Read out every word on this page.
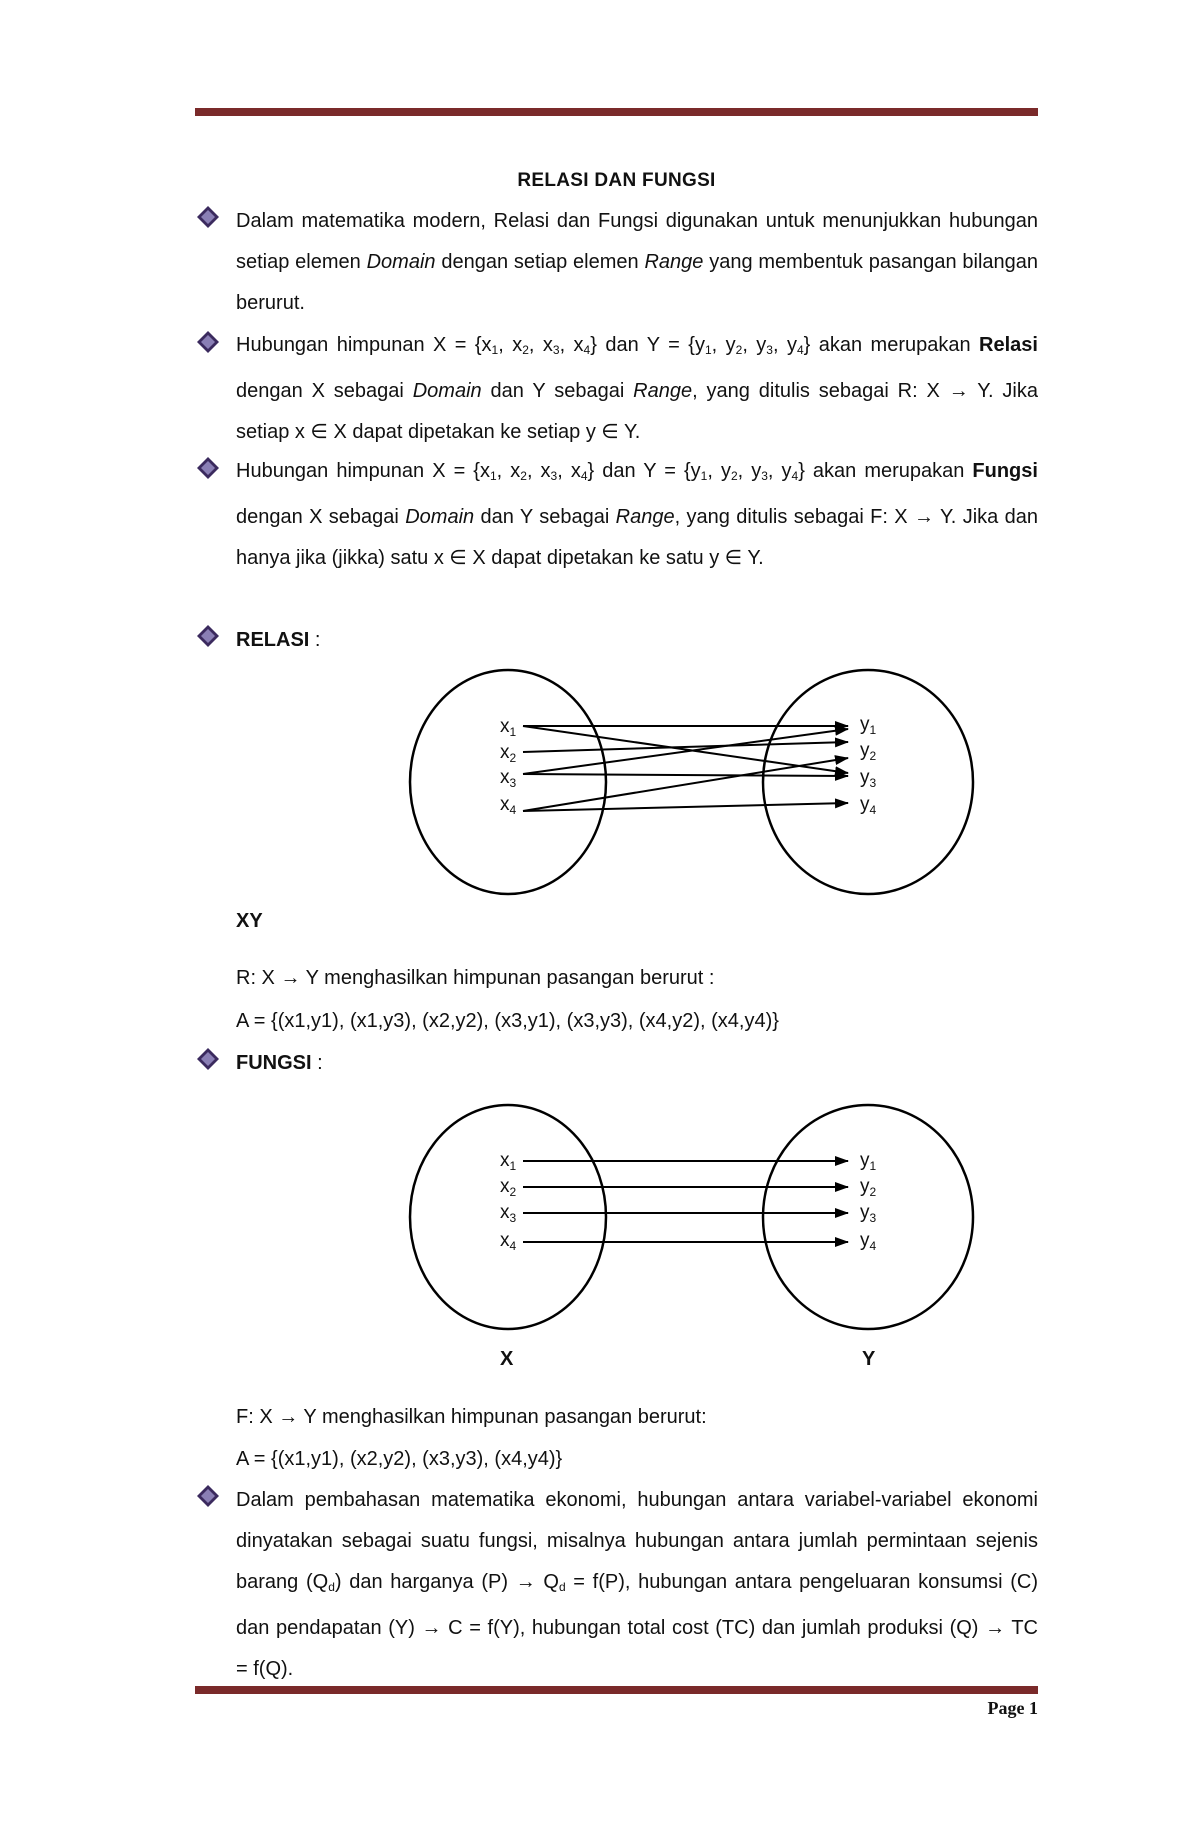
RELASI DAN FUNGSI
Dalam matematika modern, Relasi dan Fungsi digunakan untuk menunjukkan hubungan setiap elemen Domain dengan setiap elemen Range yang membentuk pasangan bilangan berurut.
Hubungan himpunan $X = \{x_1$, $x_2$, $x_3$, $x_4$} dan $Y = \{y_1$, $y_2$, $y_3$, $y_4$} akan merupakan Relasi dengan X sebagai Domain dan Y sebagai Range, yang ditulis sebagai R: X → Y. Jika setiap x ∈ X dapat dipetakan ke setiap y ∈ Y.
Hubungan himpunan $X = \{x_1$, $x_2$, $x_3$, $x_4$} dan $Y = \{y_1$, $y_2$, $y_3$, $y_4$} akan merupakan Fungsi dengan X sebagai Domain dan Y sebagai Range, yang ditulis sebagai F: X → Y. Jika dan hanya jika (jikka) satu x ∈ X dapat dipetakan ke satu y ∈ Y.
RELASI :
$x_1$
$x_2$
$x_3$
$x_4$
$y_1$
$y_2$
$y_3$
$y_4$
XY
R: X → Y menghasilkan himpunan pasangan berurut :
A = {(x1,y1), (x1,y3), (x2,y2), (x3,y1), (x3,y3), (x4,y2), (x4,y4)}
FUNGSI :
$x_1$
$x_2$
$x_3$
$x_4$
$y_1$
$y_2$
$y_3$
$y_4$
X	Y
F: X → Y menghasilkan himpunan pasangan berurut:
A = {(x1,y1), (x2,y2), (x3,y3), (x4,y4)}
Dalam pembahasan matematika ekonomi, hubungan antara variabel-variabel ekonomi dinyatakan sebagai suatu fungsi, misalnya hubungan antara jumlah permintaan sejenis barang $(Q_d)$ dan harganya $(P) \to Q_d = f(P)$, hubungan antara pengeluaran konsumsi (C) dan pendapatan (Y) → C = f(Y), hubungan total cost (TC) dan jumlah produksi (Q) → TC = f(Q).
Page 1
